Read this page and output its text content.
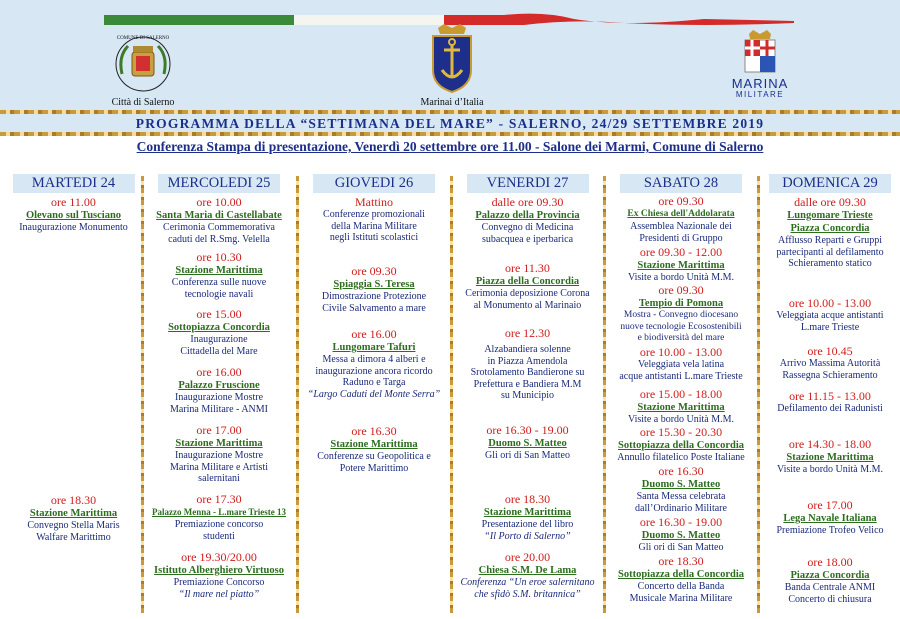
COMUNE DI SALERNO
Città di Salerno	Marinai d’Italia
MARINA
MILITARE
PROGRAMMA DELLA “SETTIMANA DEL MARE” - SALERNO, 24/29 SETTEMBRE 2019
Conferenza Stampa di presentazione, Venerdì 20 settembre ore 11.00 - Salone dei Marmi, Comune di Salerno
MARTEDI 24
ore 11.00
Olevano sul Tusciano
Inaugurazione Monumento
ore 18.30
Stazione Marittima
Convegno Stella Maris
Walfare Marittimo
MERCOLEDI 25
ore 10.00
Santa Maria di Castellabate
Cerimonia Commemorativa
caduti del R.Smg. Velella
ore 10.30
Stazione Marittima
Conferenza sulle nuove
tecnologie navali
ore 15.00
Sottopiazza Concordia
Inaugurazione
Cittadella del Mare
ore 16.00
Palazzo Fruscione
Inaugurazione Mostre
Marina Militare - ANMI
ore 17.00
Stazione Marittima
Inaugurazione Mostre
Marina Militare e Artisti
salernitani
ore 17.30
Palazzo Menna - L.mare Trieste 13
Premiazione concorso
studenti
ore 19.30/20.00
Istituto Alberghiero Virtuoso
Premiazione Concorso
“Il mare nel piatto”
GIOVEDI 26
Mattino
Conferenze promozionali
della Marina Militare
negli Istituti scolastici
ore 09.30
Spiaggia S. Teresa
Dimostrazione Protezione
Civile Salvamento a mare
ore 16.00
Lungomare Tafuri
Messa a dimora 4 alberi e
inaugurazione ancora ricordo
Raduno e Targa
“Largo Caduti del Monte Serra”
ore 16.30
Stazione Marittima
Conferenze su Geopolitica e
Potere Marittimo
VENERDI 27
dalle ore 09.30
Palazzo della Provincia
Convegno di Medicina
subacquea e iperbarica
ore 11.30
Piazza della Concordia
Cerimonia deposizione Corona
al Monumento al Marinaio
ore 12.30
Alzabandiera solenne
in Piazza Amendola
Srotolamento Bandierone su
Prefettura e Bandiera M.M
su Municipio
ore 16.30 - 19.00
Duomo S. Matteo
Gli ori di San Matteo
ore 18.30
Stazione Marittima
Presentazione del libro
“Il Porto di Salerno”
ore 20.00
Chiesa S.M. De Lama
Conferenza “Un eroe salernitano
che sfidò S.M. britannica”
SABATO 28
ore 09.30
Ex Chiesa dell'Addolarata
Assemblea Nazionale dei
Presidenti di Gruppo
ore 09.30 - 12.00
Stazione Marittima
Visite a bordo Unità M.M.
ore 09.30
Tempio di Pomona
Mostra - Convegno diocesano
nuove tecnologie Ecosostenibili
e biodiversità del mare
ore 10.00 - 13.00
Veleggiata vela latina
acque antistanti L.mare Trieste
ore 15.00 - 18.00
Stazione Marittima
Visite a bordo Unità M.M.
ore 15.30 - 20.30
Sottopiazza della Concordia
Annullo filatelico Poste Italiane
ore 16.30
Duomo S. Matteo
Santa Messa celebrata
dall’Ordinario Militare
ore 16.30 - 19.00
Duomo S. Matteo
Gli ori di San Matteo
ore 18.30
Sottopiazza della Concordia
Concerto della Banda
Musicale Marina Militare
DOMENICA 29
dalle ore 09.30
Lungomare Trieste
Piazza Concordia
Afflusso Reparti e Gruppi
partecipanti al defilamento
Schieramento statico
ore 10.00 - 13.00
Veleggiata acque antistanti
L.mare Trieste
ore 10.45
Arrivo Massima Autorità
Rassegna Schieramento
ore 11.15 - 13.00
Defilamento dei Radunisti
ore 14.30 - 18.00
Stazione Marittima
Visite a bordo Unità M.M.
ore 17.00
Lega Navale Italiana
Premiazione Trofeo Velico
ore 18.00
Piazza Concordia
Banda Centrale ANMI
Concerto di chiusura
